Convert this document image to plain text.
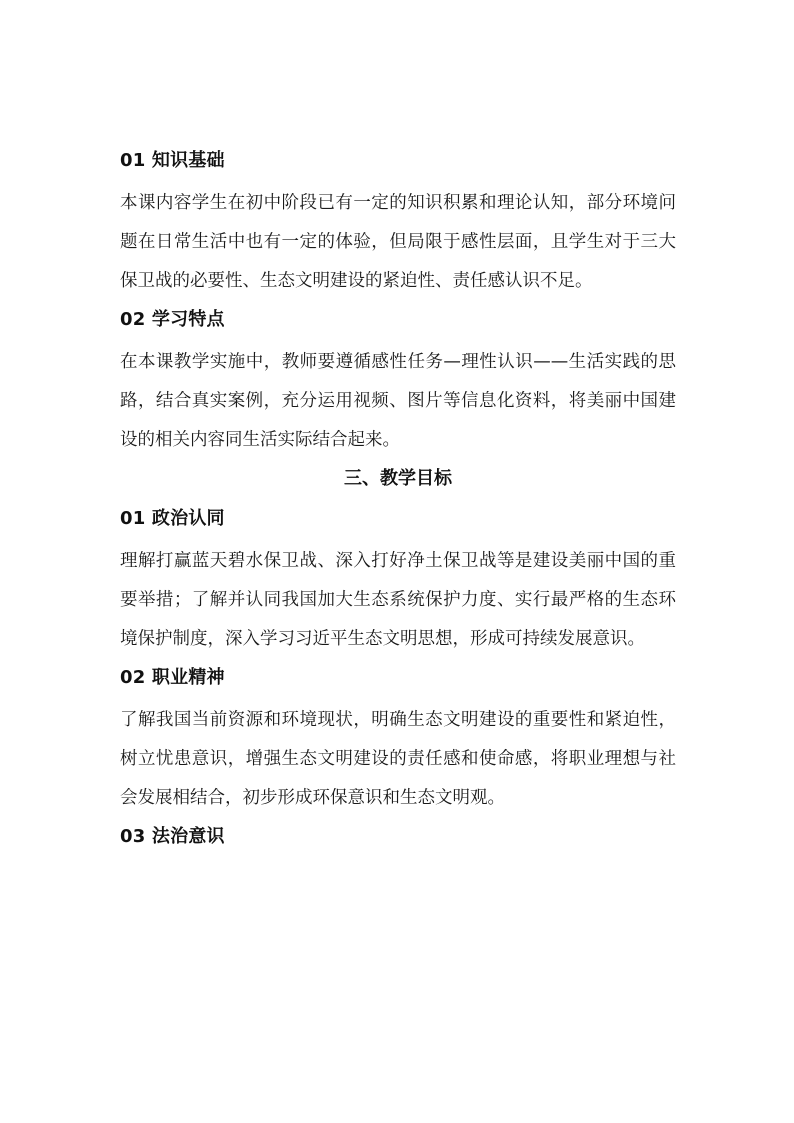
01 知识基础

本课内容学生在初中阶段已有一定的知识积累和理论认知，部分环境问题在日常生活中也有一定的体验，但局限于感性层面，且学生对于三大保卫战的必要性、生态文明建设的紧迫性、责任感认识不足。

02 学习特点

在本课教学实施中，教师要遵循感性任务—理性认识——生活实践的思路，结合真实案例，充分运用视频、图片等信息化资料，将美丽中国建设的相关内容同生活实际结合起来。

三、教学目标
01 政治认同

理解打赢蓝天碧水保卫战、深入打好净土保卫战等是建设美丽中国的重要举措；了解并认同我国加大生态系统保护力度、实行最严格的生态环境保护制度，深入学习习近平生态文明思想，形成可持续发展意识。

02 职业精神

了解我国当前资源和环境现状，明确生态文明建设的重要性和紧迫性，树立忧患意识，增强生态文明建设的责任感和使命感，将职业理想与社会发展相结合，初步形成环保意识和生态文明观。

03 法治意识
